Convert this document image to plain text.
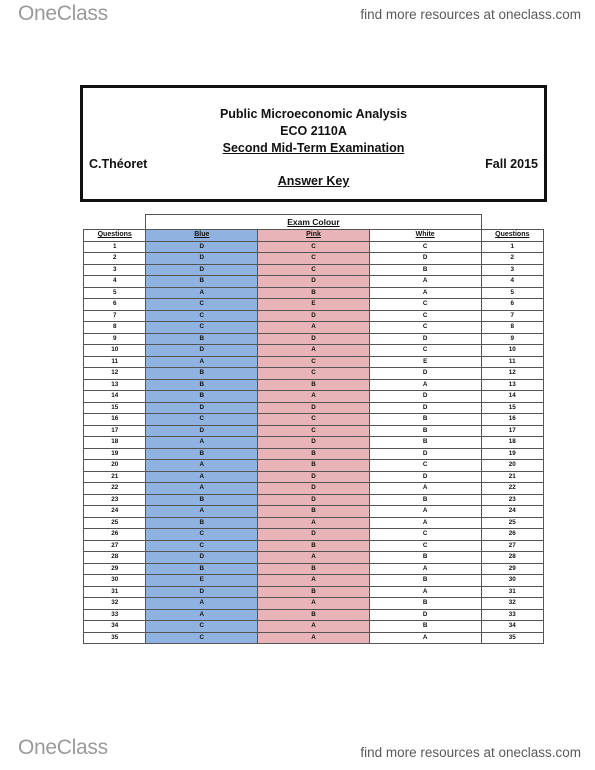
OneClass	find more resources at oneclass.com
Public Microeconomic Analysis
ECO 2110A
Second Mid-Term Examination
C.Théoret	Fall 2015
Answer Key
	Exam Colour			
Questions	Blue	Pink	White	Questions
1	D	C	C	1
2	D	C	D	2
3	D	C	B	3
4	B	D	A	4
5	A	B	A	5
6	C	E	C	6
7	C	D	C	7
8	C	A	C	8
9	B	D	D	9
10	D	A	C	10
11	A	C	E	11
12	B	C	D	12
13	B	B	A	13
14	B	A	D	14
15	D	D	D	15
16	C	C	B	16
17	D	C	B	17
18	A	D	B	18
19	B	B	D	19
20	A	B	C	20
21	A	D	D	21
22	A	D	A	22
23	B	D	B	23
24	A	B	A	24
25	B	A	A	25
26	C	D	C	26
27	C	B	C	27
28	D	A	B	28
29	B	B	A	29
30	E	A	B	30
31	D	B	A	31
32	A	A	B	32
33	A	B	D	33
34	C	A	B	34
35	C	A	A	35
OneClass	find more resources at oneclass.com
